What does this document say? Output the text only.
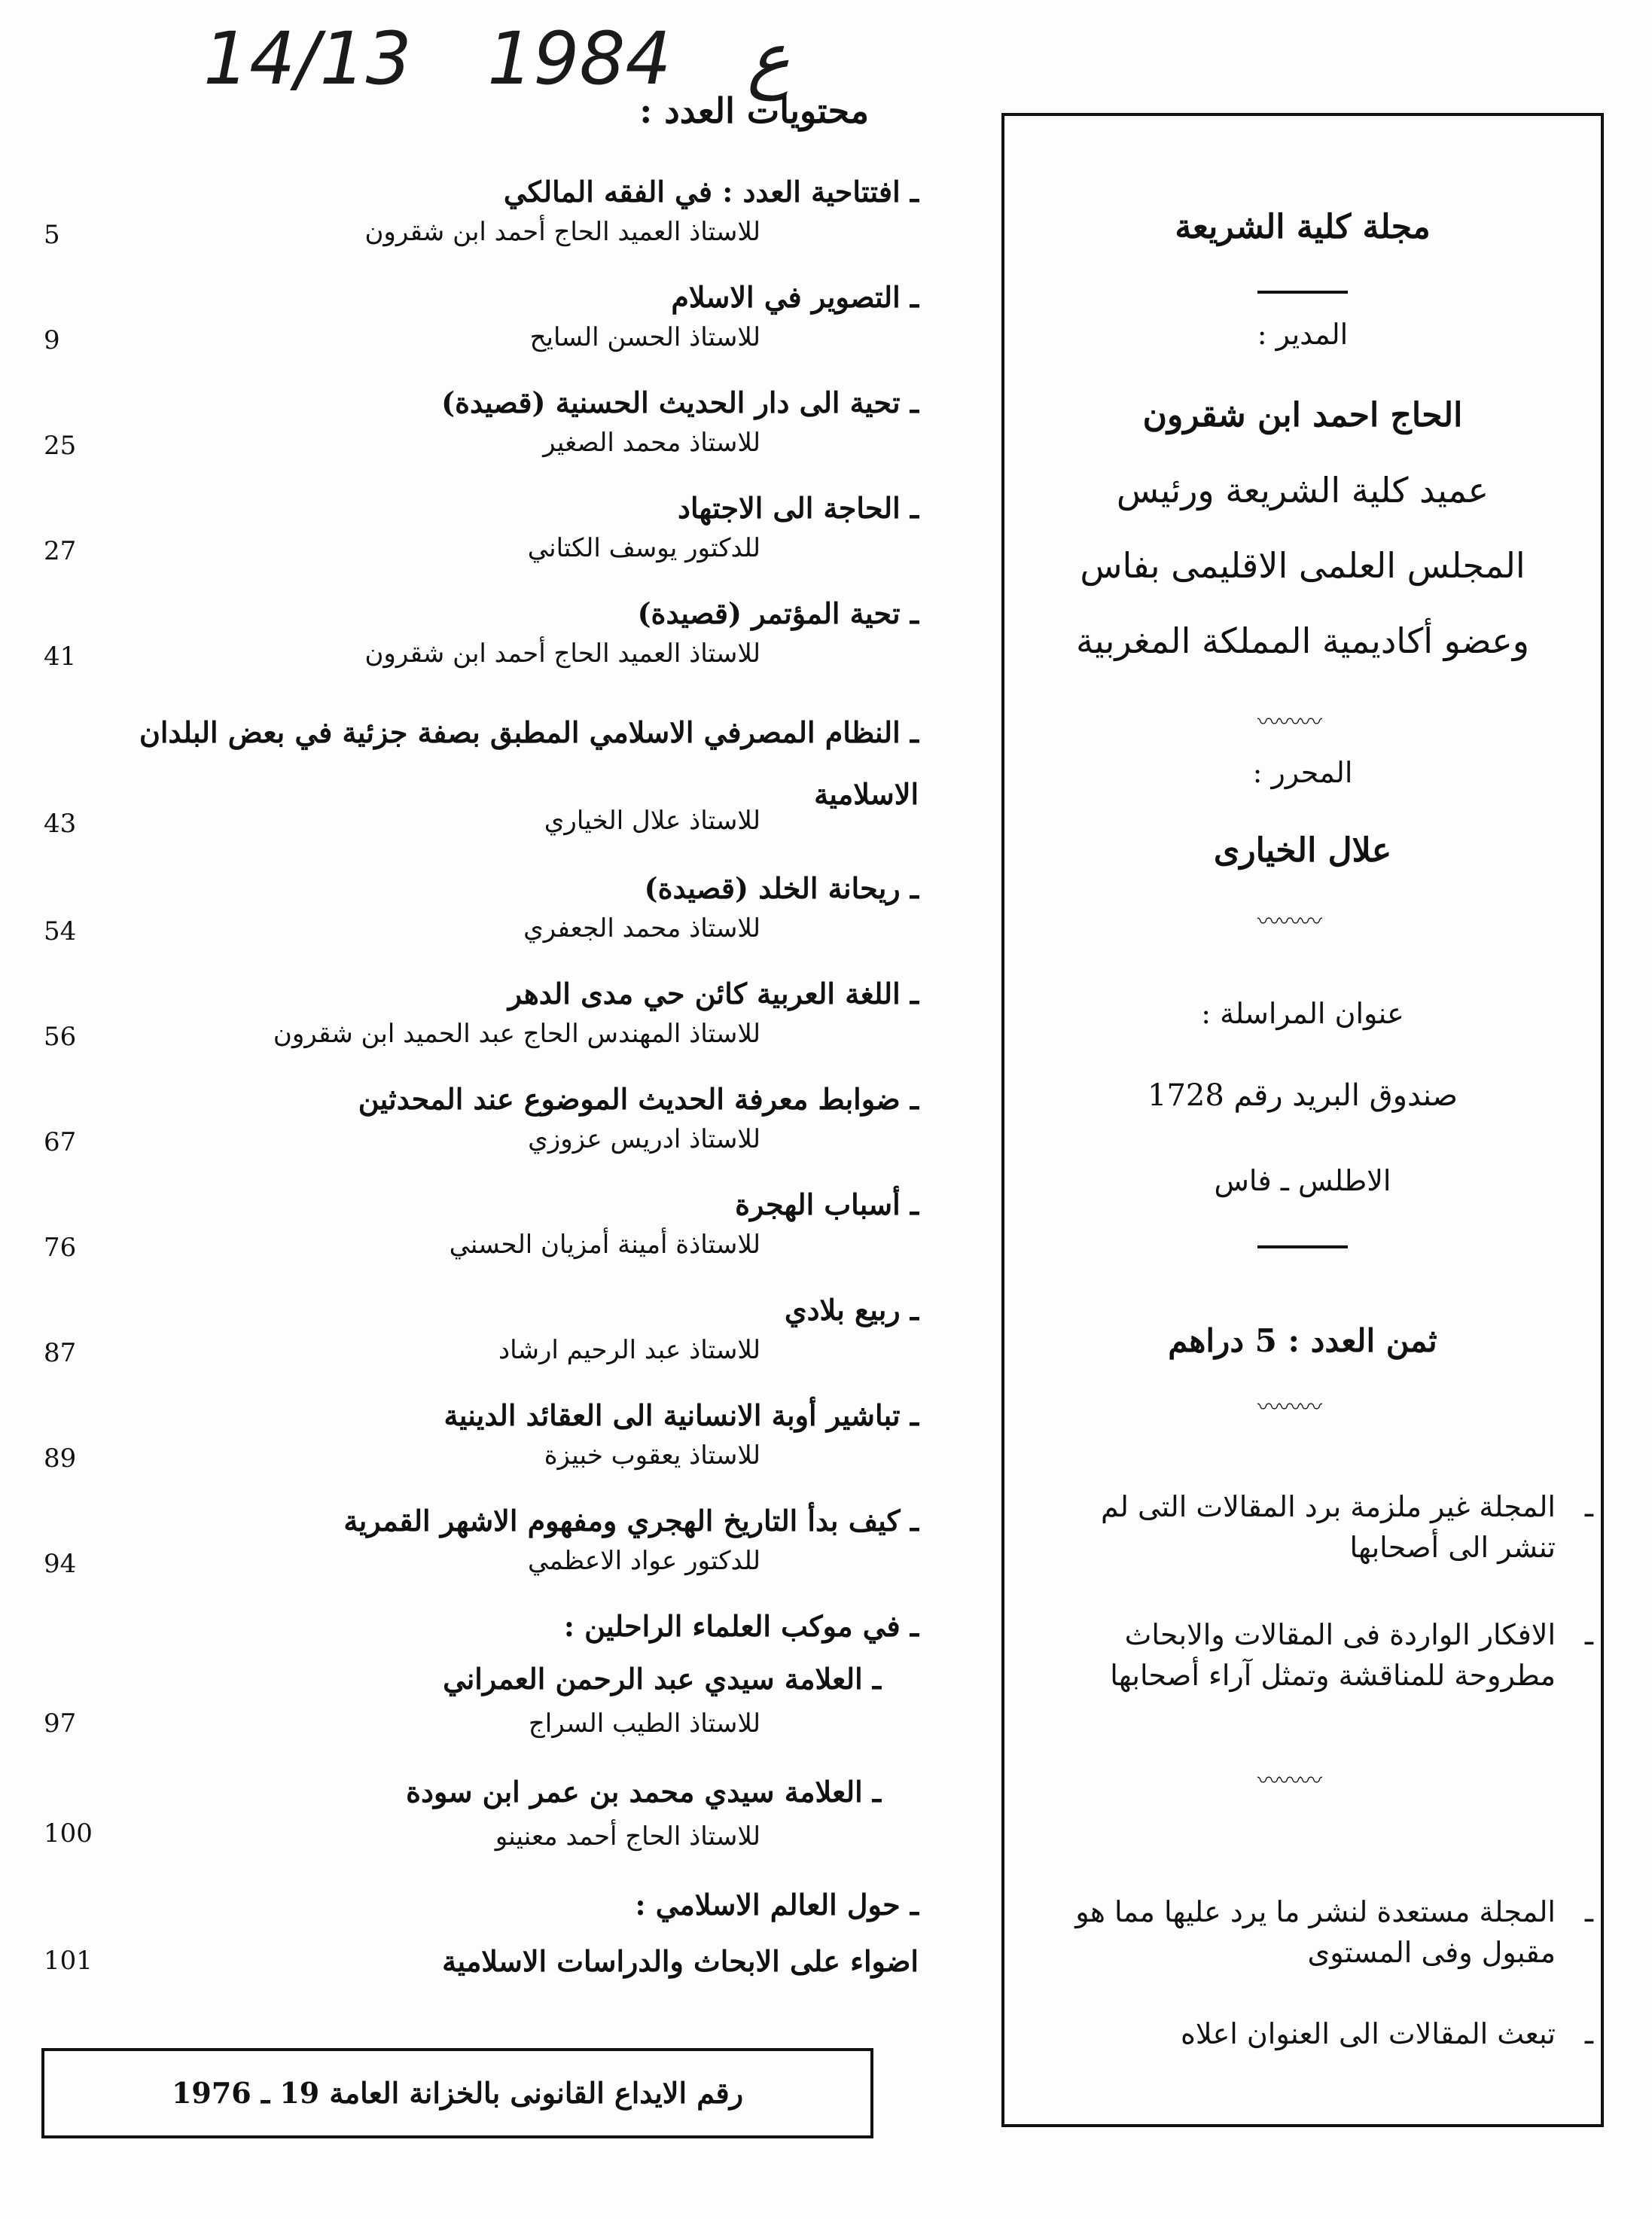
14/13	ع 1984
محتويات العدد :
ـ افتتاحية العدد : في الفقه المالكي
للاستاذ العميد الحاج أحمد ابن شقرون
5
ـ التصوير في الاسلام
للاستاذ الحسن السايح
9
ـ تحية الى دار الحديث الحسنية (قصيدة)
للاستاذ محمد الصغير
25
ـ الحاجة الى الاجتهاد
للدكتور يوسف الكتاني
27
ـ تحية المؤتمر (قصيدة)
للاستاذ العميد الحاج أحمد ابن شقرون
41
ـ النظام المصرفي الاسلامي المطبق بصفة جزئية في بعض البلدان الاسلامية
للاستاذ علال الخياري
43
ـ ريحانة الخلد (قصيدة)
للاستاذ محمد الجعفري
54
ـ اللغة العربية كائن حي مدى الدهر
للاستاذ المهندس الحاج عبد الحميد ابن شقرون
56
ـ ضوابط معرفة الحديث الموضوع عند المحدثين
للاستاذ ادريس عزوزي
67
ـ أسباب الهجرة
للاستاذة أمينة أمزيان الحسني
76
ـ ربيع بلادي
للاستاذ عبد الرحيم ارشاد
87
ـ تباشير أوبة الانسانية الى العقائد الدينية
للاستاذ يعقوب خبيزة
89
ـ كيف بدأ التاريخ الهجري ومفهوم الاشهر القمرية
للدكتور عواد الاعظمي
94
ـ في موكب العلماء الراحلين :
ـ العلامة سيدي عبد الرحمن العمراني
للاستاذ الطيب السراج
97
ـ العلامة سيدي محمد بن عمر ابن سودة
للاستاذ الحاج أحمد معنينو
100
ـ حول العالم الاسلامي :
اضواء على الابحاث والدراسات الاسلامية
101
رقم الايداع القانونى بالخزانة العامة 19 ـ 1976
مجلة كلية الشريعة
المدير :
الحاج احمد ابن شقرون
عميد كلية الشريعة ورئيس
المجلس العلمى الاقليمى بفاس
وعضو أكاديمية المملكة المغربية
〰〰〰
المحرر :
علال الخيارى
〰〰〰
عنوان المراسلة :
صندوق البريد رقم 1728
الاطلس ـ فاس
ثمن العدد : 5 دراهم
〰〰〰
ـ
المجلة غير ملزمة برد المقالات التى لم تنشر الى أصحابها
ـ
الافكار الواردة فى المقالات والابحاث مطروحة للمناقشة وتمثل آراء أصحابها
〰〰〰
ـ
المجلة مستعدة لنشر ما يرد عليها مما هو مقبول وفى المستوى
ـ
تبعث المقالات الى العنوان اعلاه
